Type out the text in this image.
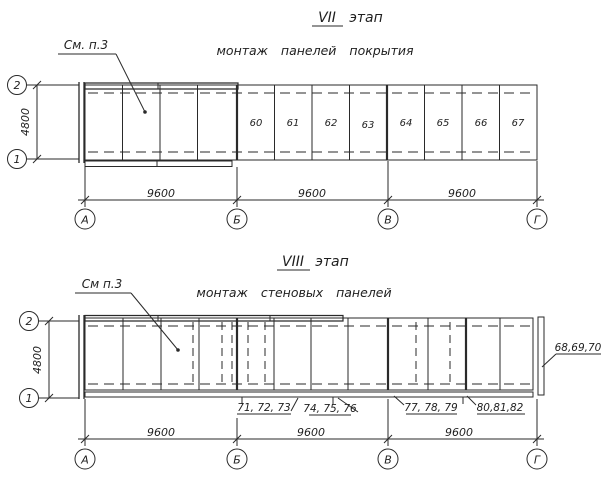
VII этап
монтаж панелей покрытия
См. п.3
60 61	62 63	64 65	66 67
2
1
4800
9600	9600	9600
А	Б	В	Г
VIII этап
монтаж стеновых панелей
См п.3
68,69,70
71, 72, 73 74, 75, 76	77, 78, 79 80,81,82
2
1
4800
9600	9600	9600
А	Б	В	Г
